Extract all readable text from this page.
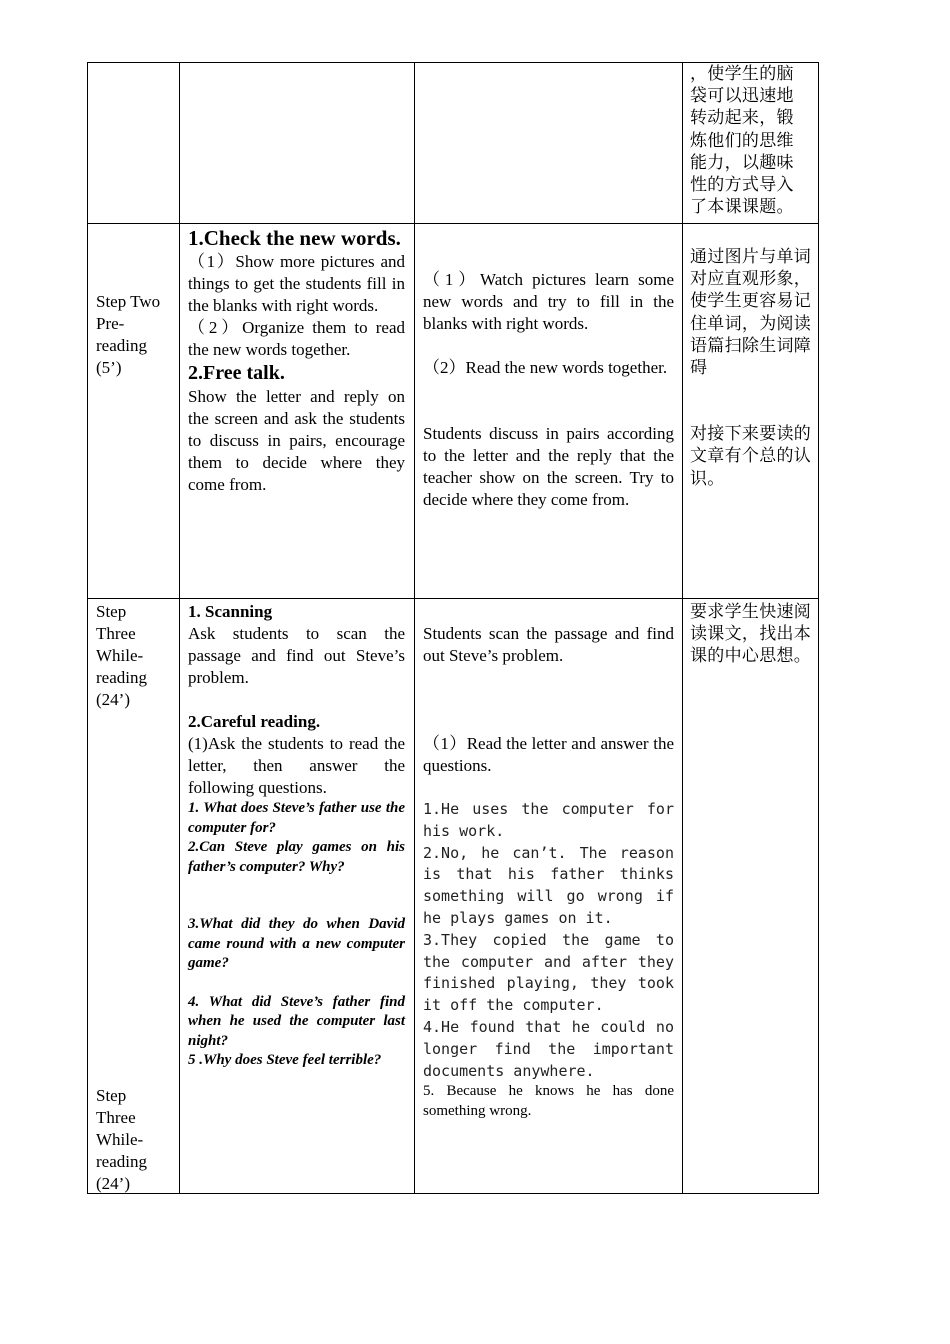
，使学生的脑

袋可以迅速地

转动起来，锻

炼他们的思维

能力，以趣味

性的方式导入

了本课课题。

Step Two

Pre-

reading

(5’)

1.Check the new words.

（1）Show more pictures and things to get the students fill in the blanks with right words.

（2）Organize them to read the new words together.

2.Free talk.

Show the letter and reply on the screen and ask the students to discuss in pairs, encourage them to decide where they come from.

（1）Watch pictures learn some new words and try to fill in the blanks with right words.

（2）Read the new words together.

Students discuss in pairs according to the letter and the reply that the teacher show on the screen. Try to decide where they come from.

通过图片与单词对应直观形象，使学生更容易记住单词，为阅读语篇扫除生词障碍

对接下来要读的文章有个总的认识。

Step

Three

While-

reading

(24’)

Step

Three

While-

reading

(24’)

1. Scanning

Ask students to scan the passage and find out Steve’s problem.

2.Careful reading.

(1)Ask the students to read the letter, then answer the following questions.

1. What does Steve’s father use the computer for?

2.Can Steve play games on his father’s computer? Why?

3.What did they do when David came round with a new computer game?

4. What did Steve’s father find when he used the computer last night?

5 .Why does Steve feel terrible?

Students scan the passage and find out Steve’s problem.

（1）Read the letter and answer the questions.

1.He uses the computer for his work.

2.No, he can’t. The reason is that his father thinks something will go wrong if he plays games on it.

3.They copied the game to the computer and after they finished playing, they took it off the computer.

4.He found that he could no longer find the important documents anywhere.

5. Because he knows he has done something wrong.

要求学生快速阅读课文，找出本课的中心思想。
